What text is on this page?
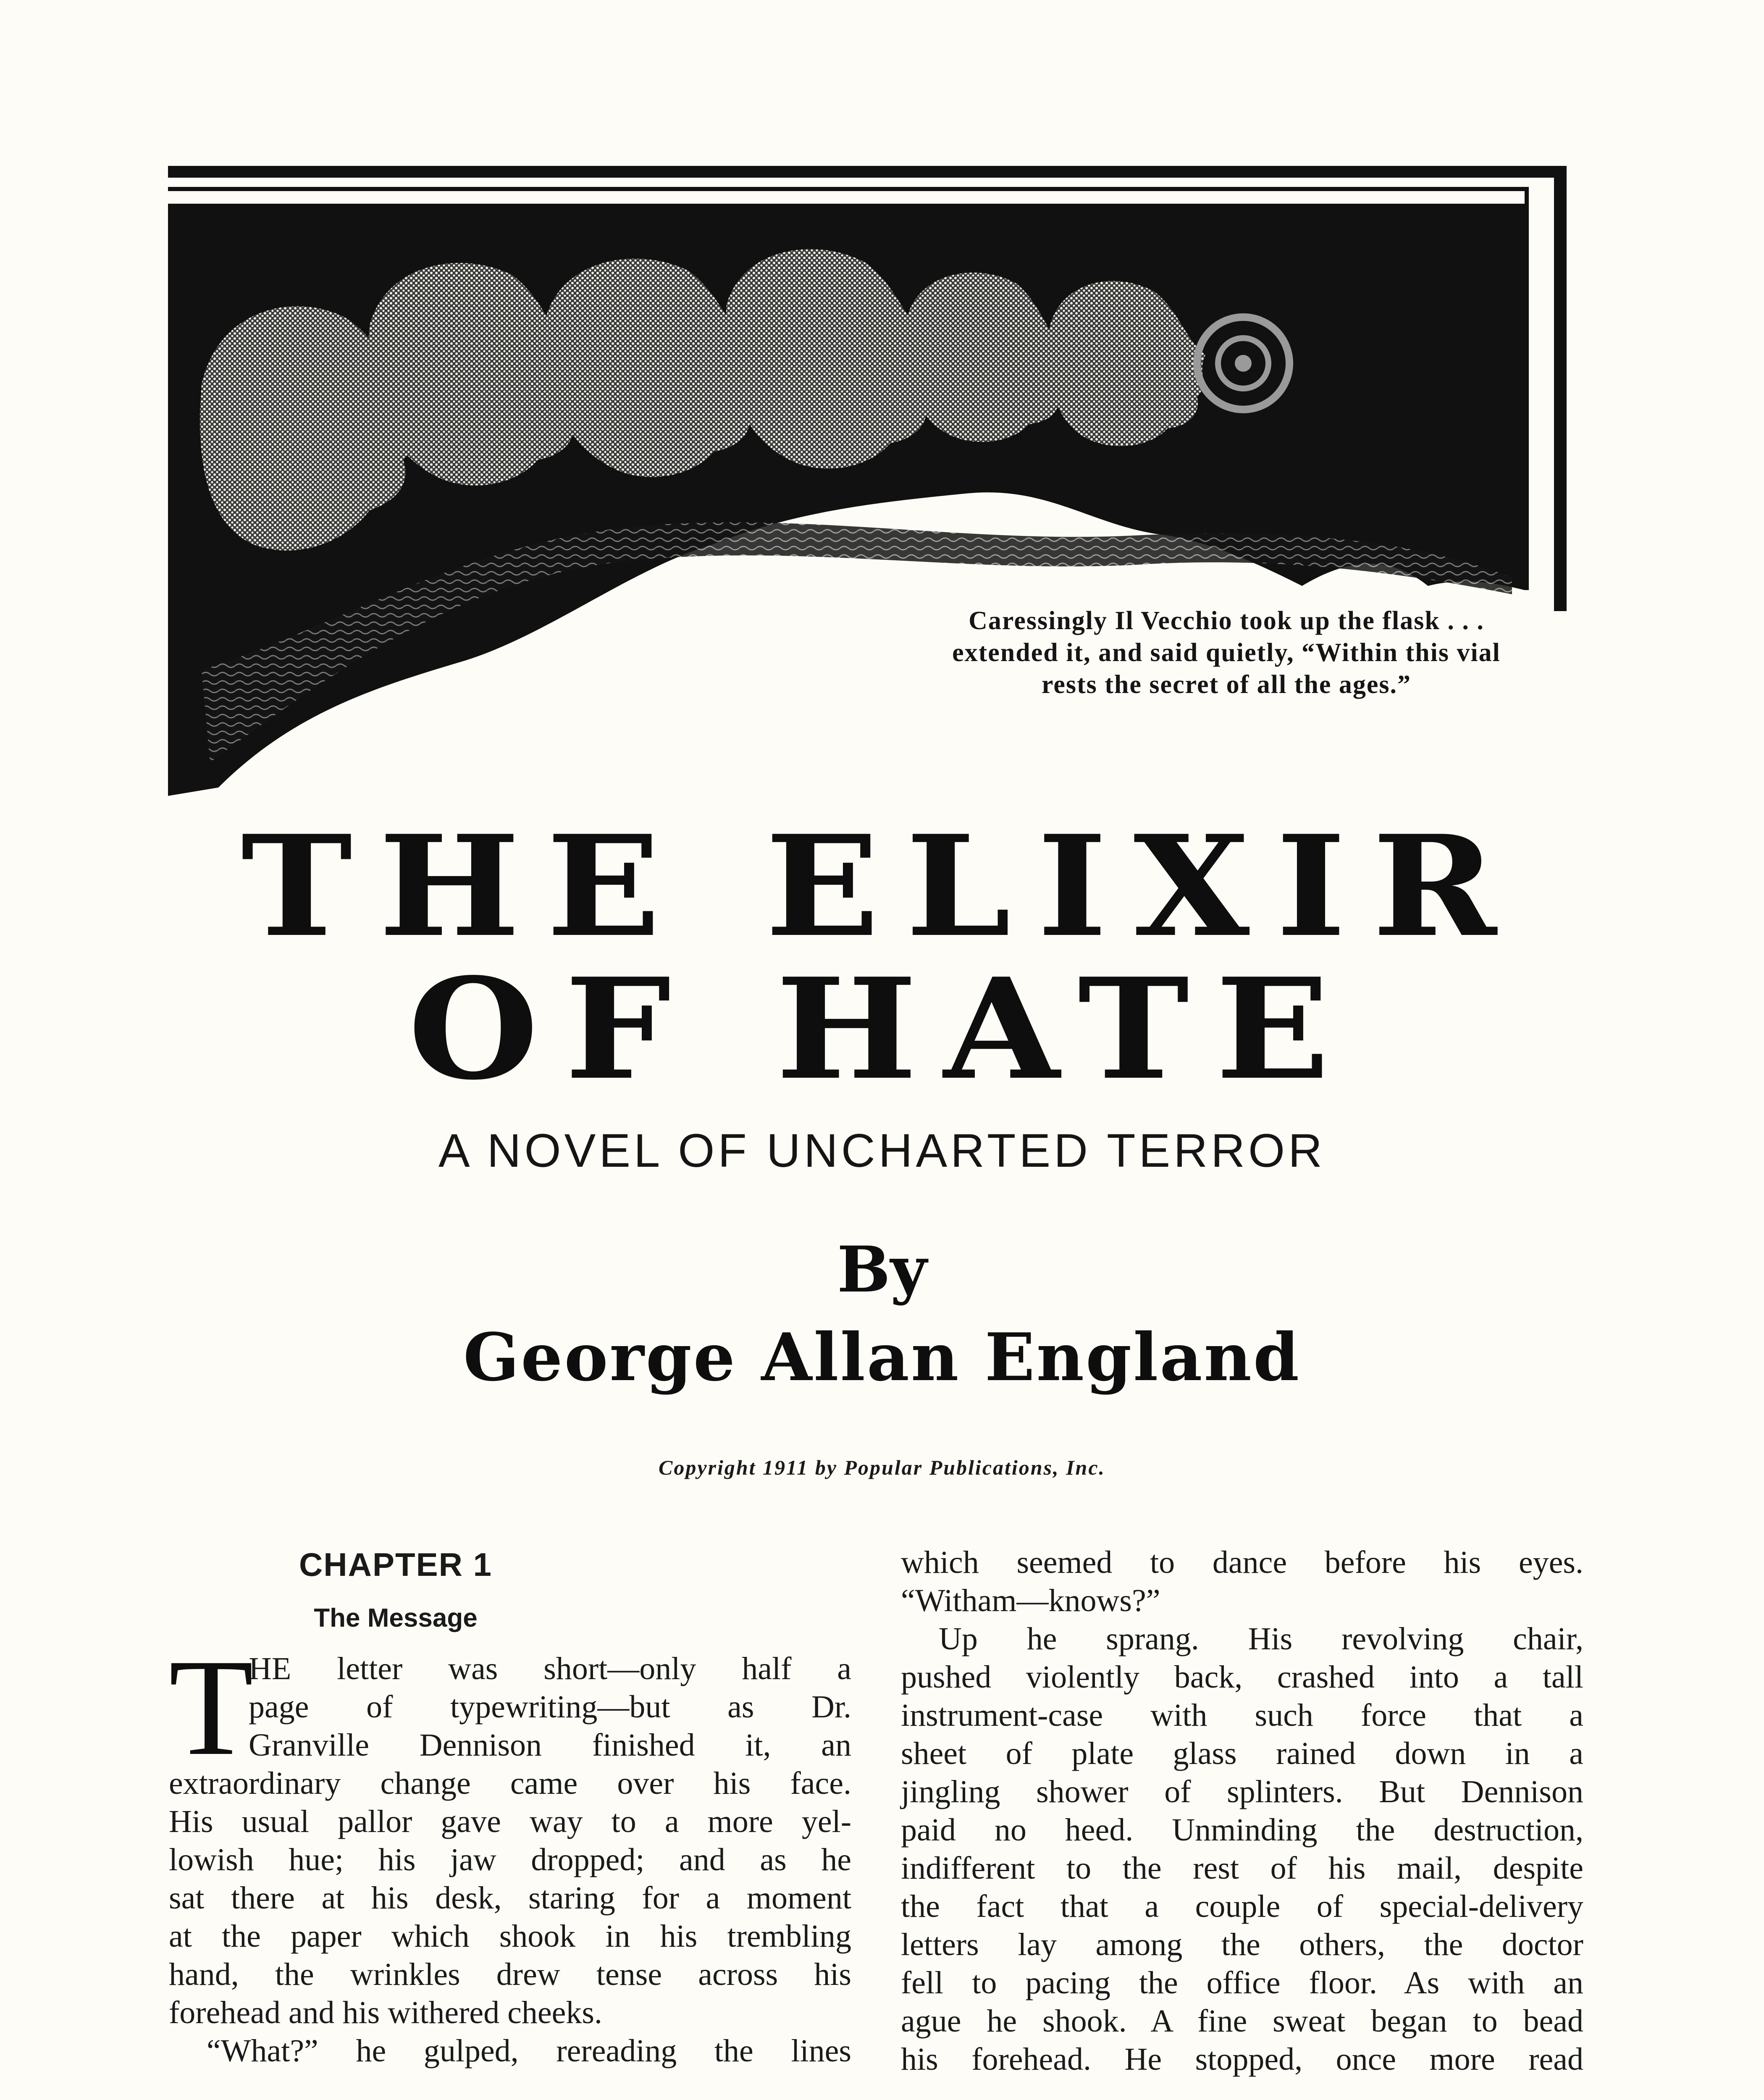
Caressingly Il Vecchio took up the flask . . .
extended it, and said quietly, “Within this vial
rests the secret of all the ages.”
THE ELIXIR
OF HATE
A NOVEL OF UNCHARTED TERROR
By
George Allan England
Copyright 1911 by Popular Publications, Inc.
CHAPTER 1
The Message
T

HE letter was short—only half a

page of typewriting—but as Dr.

Granville Dennison finished it, an

extraordinary change came over his face.

His usual pallor gave way to a more yel-

lowish hue; his jaw dropped; and as he

sat there at his desk, staring for a moment

at the paper which shook in his trembling

hand, the wrinkles drew tense across his

forehead and his withered cheeks.

“What?” he gulped, rereading the lines

which seemed to dance before his eyes.

“Witham—knows?”

Up he sprang. His revolving chair,

pushed violently back, crashed into a tall

instrument-case with such force that a

sheet of plate glass rained down in a

jingling shower of splinters. But Dennison

paid no heed. Unminding the destruction,

indifferent to the rest of his mail, despite

the fact that a couple of special-delivery

letters lay among the others, the doctor

fell to pacing the office floor. As with an

ague he shook. A fine sweat began to bead

his forehead. He stopped, once more read
